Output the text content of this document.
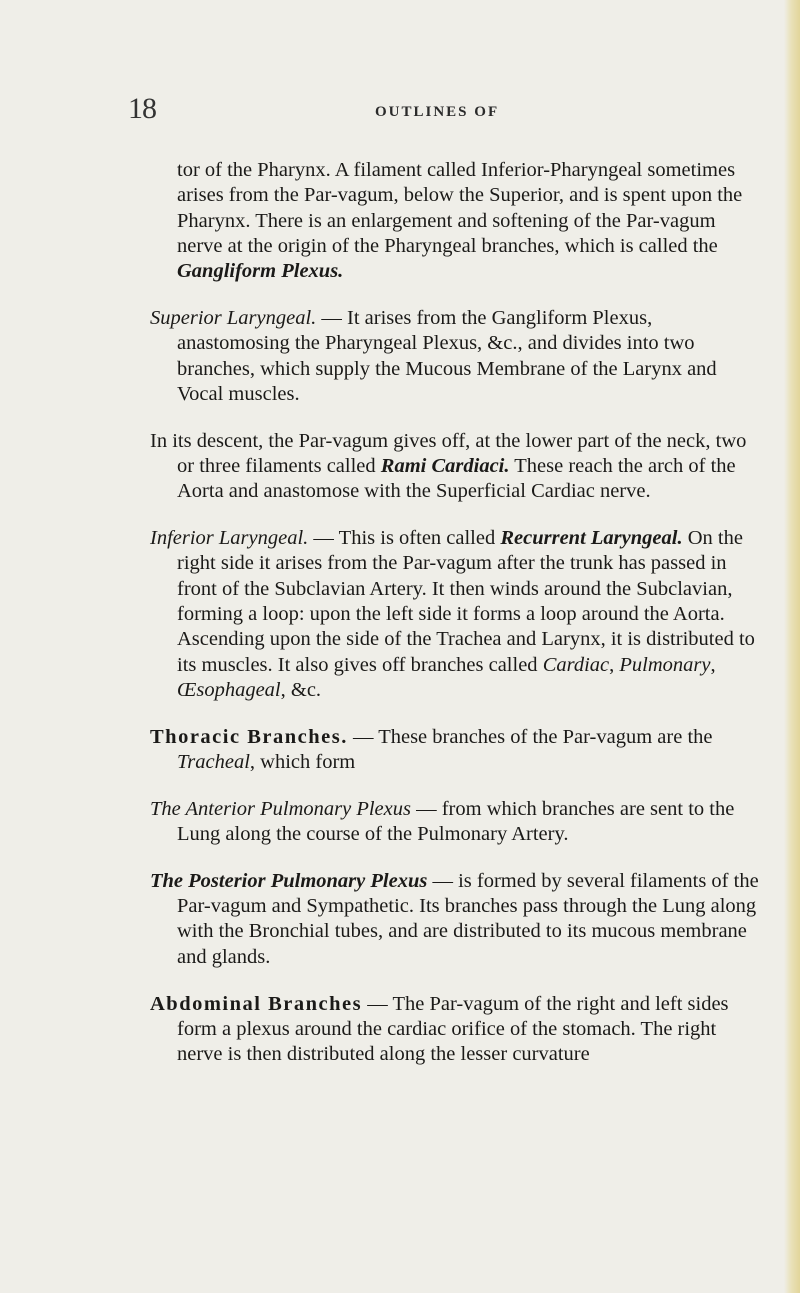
18	OUTLINES OF

tor of the Pharynx. A filament called Inferior-Pharyngeal sometimes arises from the Par-vagum, below the Superior, and is spent upon the Pharynx. There is an enlargement and softening of the Par-vagum nerve at the origin of the Pharyngeal branches, which is called the Gangliform Plexus.

Superior Laryngeal. — It arises from the Gangliform Plexus, anastomosing the Pharyngeal Plexus, &c., and divides into two branches, which supply the Mucous Membrane of the Larynx and Vocal muscles.

In its descent, the Par-vagum gives off, at the lower part of the neck, two or three filaments called Rami Cardiaci. These reach the arch of the Aorta and anastomose with the Superficial Cardiac nerve.

Inferior Laryngeal. — This is often called Recurrent Laryngeal. On the right side it arises from the Par-vagum after the trunk has passed in front of the Subclavian Artery. It then winds around the Subclavian, forming a loop: upon the left side it forms a loop around the Aorta. Ascending upon the side of the Trachea and Larynx, it is distributed to its muscles. It also gives off branches called Cardiac, Pulmonary, Œsophageal, &c.

Thoracic Branches. — These branches of the Par-vagum are the Tracheal, which form

The Anterior Pulmonary Plexus — from which branches are sent to the Lung along the course of the Pulmonary Artery.

The Posterior Pulmonary Plexus — is formed by several filaments of the Par-vagum and Sympathetic. Its branches pass through the Lung along with the Bronchial tubes, and are distributed to its mucous membrane and glands.

Abdominal Branches — The Par-vagum of the right and left sides form a plexus around the cardiac orifice of the stomach. The right nerve is then distributed along the lesser curvature
